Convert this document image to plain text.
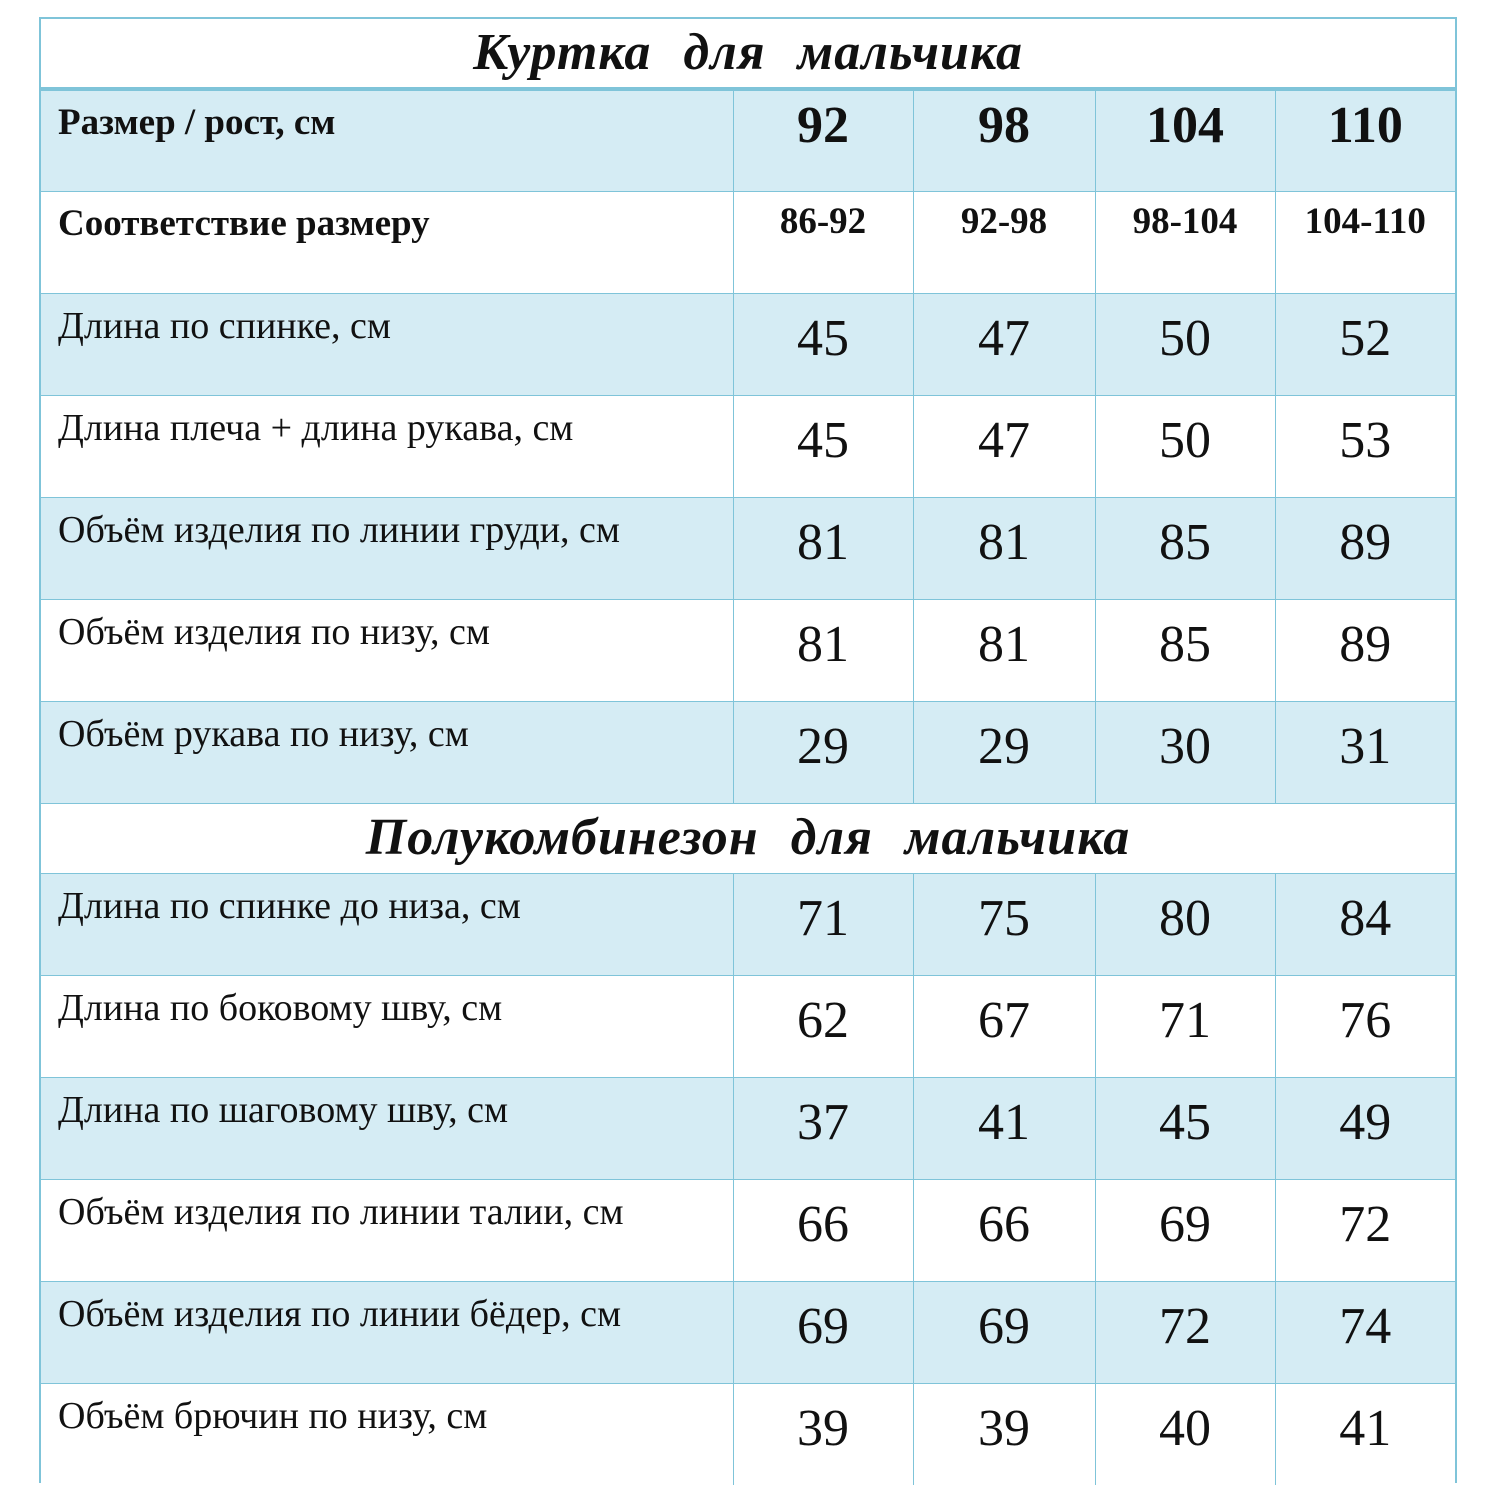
Куртка для мальчика				
Размер / рост, см	92	98	104	110
Соответствие размеру	86-92	92-98	98-104	104-110
Длина по спинке, см	45	47	50	52
Длина плеча + длина рукава, см	45	47	50	53
Объём изделия по линии груди, см	81	81	85	89
Объём изделия по низу, см	81	81	85	89
Объём рукава по низу, см	29	29	30	31
Полукомбинезон для мальчика				
Длина по спинке до низа, см	71	75	80	84
Длина по боковому шву, см	62	67	71	76
Длина по шаговому шву, см	37	41	45	49
Объём изделия по линии талии, см	66	66	69	72
Объём изделия по линии бёдер, см	69	69	72	74
Объём брючин по низу, см	39	39	40	41
